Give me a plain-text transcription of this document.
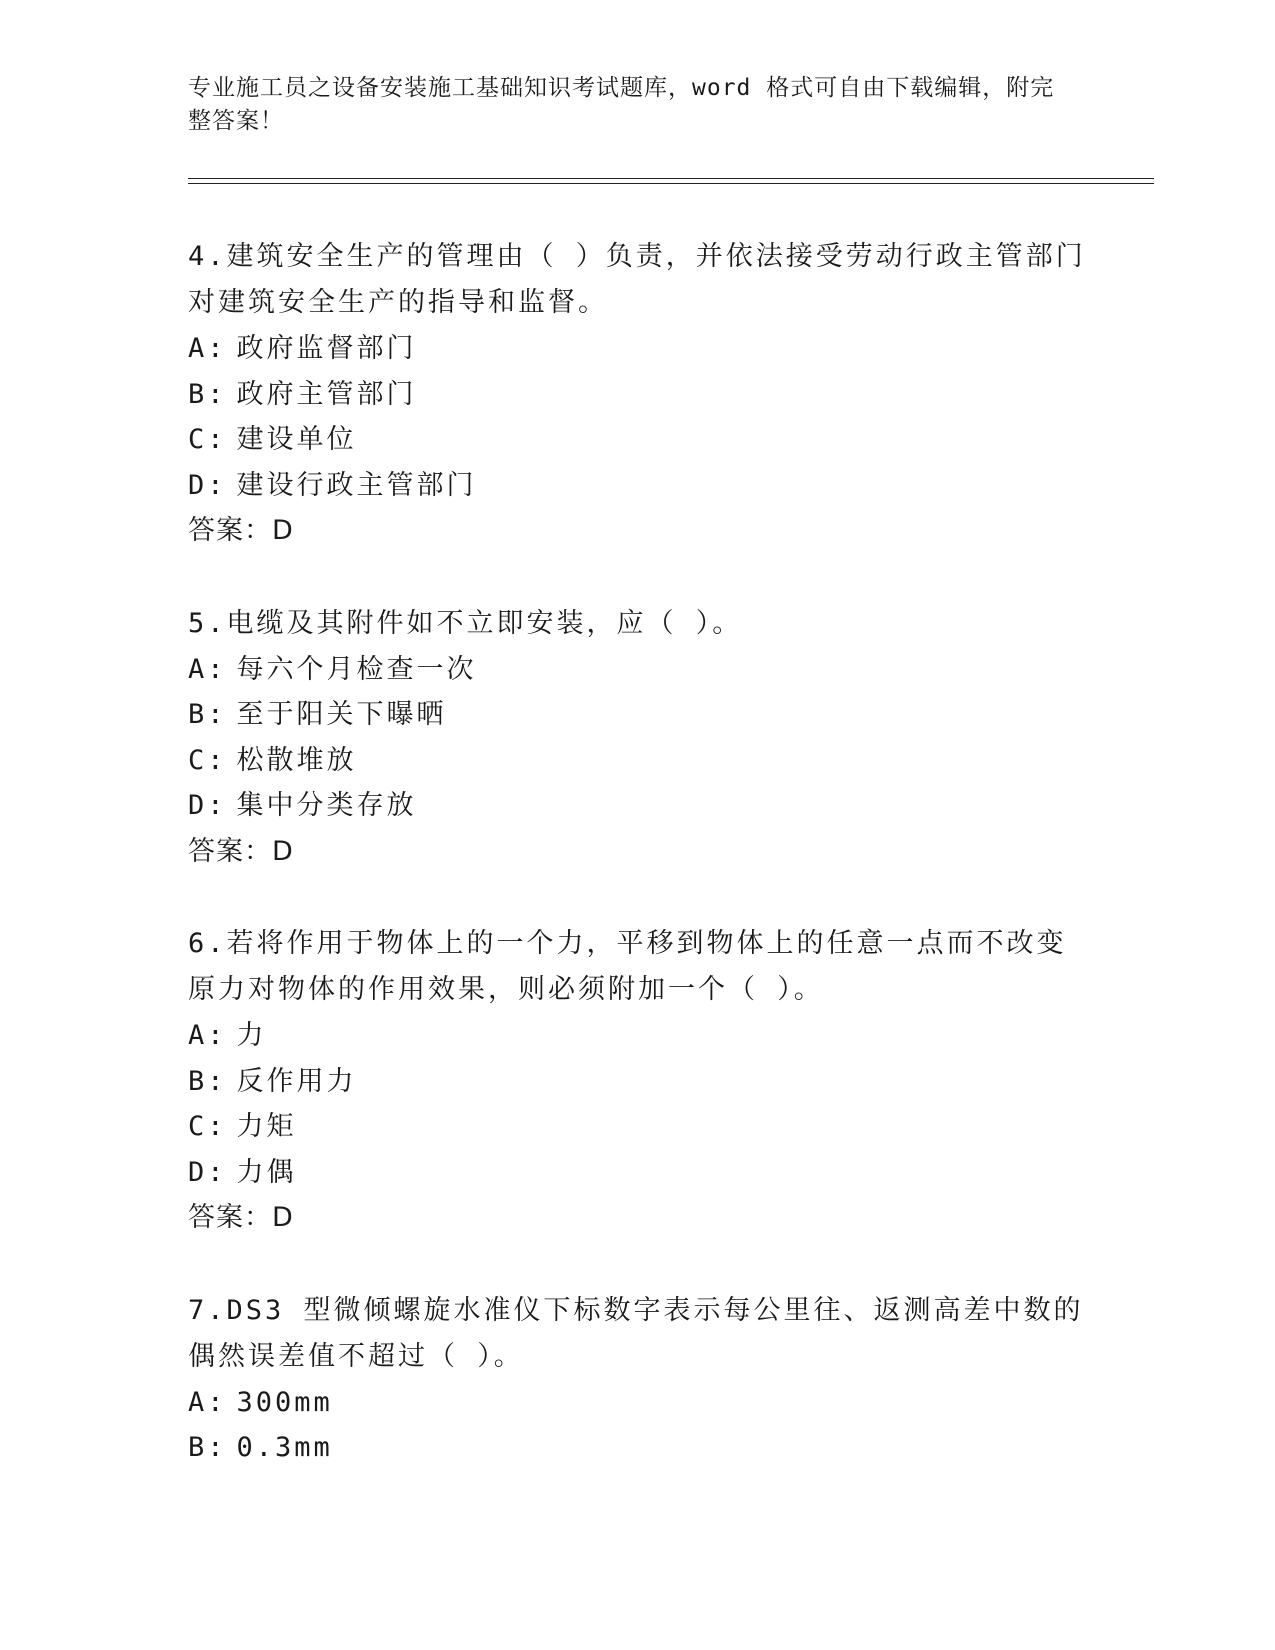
专业施工员之设备安装施工基础知识考试题库，word 格式可自由下载编辑，附完整答案！

4.建筑安全生产的管理由（ ）负责，并依法接受劳动行政主管部门对建筑安全生产的指导和监督。

A: 政府监督部门
B: 政府主管部门
C: 建设单位
D: 建设行政主管部门
答案：D

5.电缆及其附件如不立即安装，应（ ）。

A: 每六个月检查一次
B: 至于阳关下曝晒
C: 松散堆放
D: 集中分类存放
答案：D

6.若将作用于物体上的一个力，平移到物体上的任意一点而不改变原力对物体的作用效果，则必须附加一个（ ）。

A: 力
B: 反作用力
C: 力矩
D: 力偶
答案：D

7.DS3 型微倾螺旋水准仪下标数字表示每公里往、返测高差中数的偶然误差值不超过（ ）。

A: 300mm
B: 0.3mm
